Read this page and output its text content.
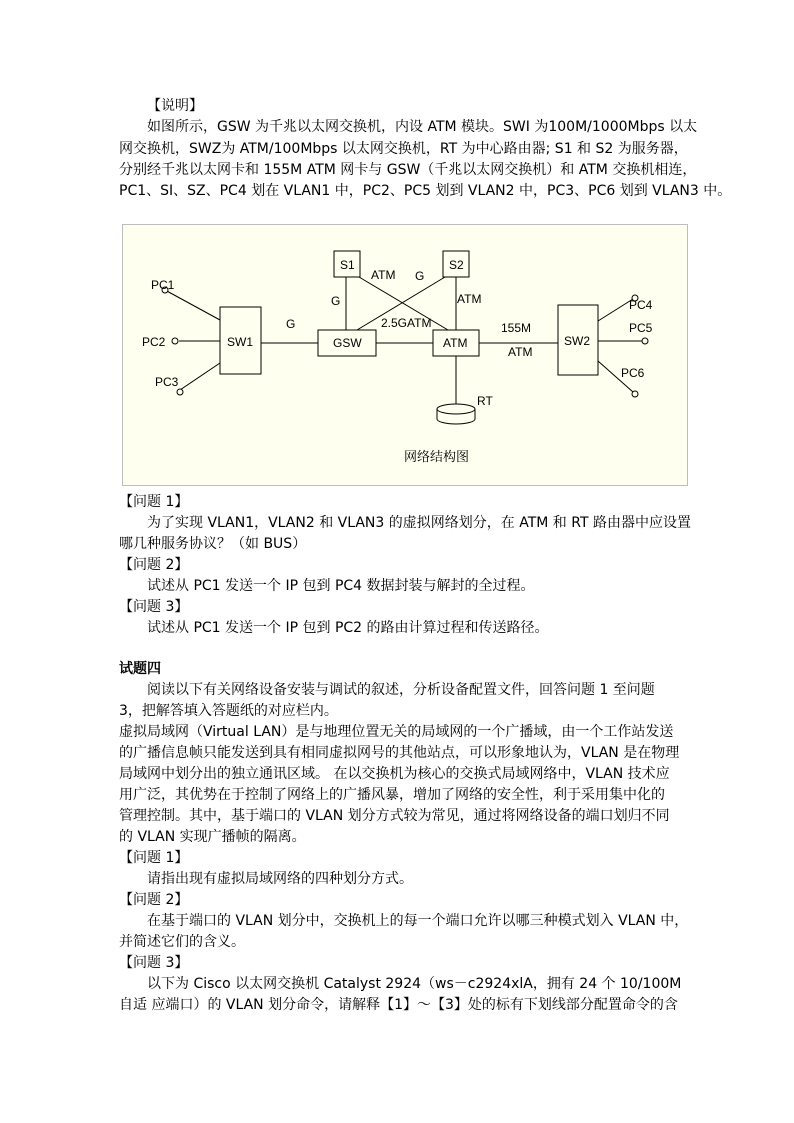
【说明】
如图所示，GSW 为千兆以太网交换机，内设 ATM 模块。SWI 为100M/1000Mbps 以太
网交换机，SWZ为 ATM/100Mbps 以太网交换机，RT 为中心路由器; S1 和 S2 为服务器，
分别经千兆以太网卡和 155M ATM 网卡与 GSW（千兆以太网交换机）和 ATM 交换机相连，
PC1、SI、SZ、PC4 划在 VLAN1 中，PC2、PC5 划到 VLAN2 中，PC3、PC6 划到 VLAN3 中。
PC1
PC2
PC3
SW1	GSW	ATM	SW2
S1	S2
RT
PC4
PC5
PC6
ATM G
G	ATM
G	2.5GATM	155M
ATM
网络结构图
【问题 1】
为了实现 VLAN1，VLAN2 和 VLAN3 的虚拟网络划分，在 ATM 和 RT 路由器中应设置
哪几种服务协议？（如 BUS）
【问题 2】
试述从 PC1 发送一个 IP 包到 PC4 数据封装与解封的全过程。
【问题 3】
试述从 PC1 发送一个 IP 包到 PC2 的路由计算过程和传送路径。
试题四
阅读以下有关网络设备安装与调试的叙述，分析设备配置文件，回答问题 1 至问题
3，把解答填入答题纸的对应栏内。
虚拟局域网（Virtual LAN）是与地理位置无关的局域网的一个广播域，由一个工作站发送
的广播信息帧只能发送到具有相同虚拟网号的其他站点，可以形象地认为，VLAN 是在物理
局域网中划分出的独立通讯区域。 在以交换机为核心的交换式局域网络中，VLAN 技术应
用广泛，其优势在于控制了网络上的广播风暴，增加了网络的安全性，利于采用集中化的
管理控制。其中，基于端口的 VLAN 划分方式较为常见，通过将网络设备的端口划归不同
的 VLAN 实现广播帧的隔离。
【问题 1】
请指出现有虚拟局域网络的四种划分方式。
【问题 2】
在基于端口的 VLAN 划分中，交换机上的每一个端口允许以哪三种模式划入 VLAN 中，
并简述它们的含义。
【问题 3】
以下为 Cisco 以太网交换机 Catalyst 2924（ws－c2924xlA，拥有 24 个 10/100M
自适 应端口）的 VLAN 划分命令，请解释【1】～【3】处的标有下划线部分配置命令的含
